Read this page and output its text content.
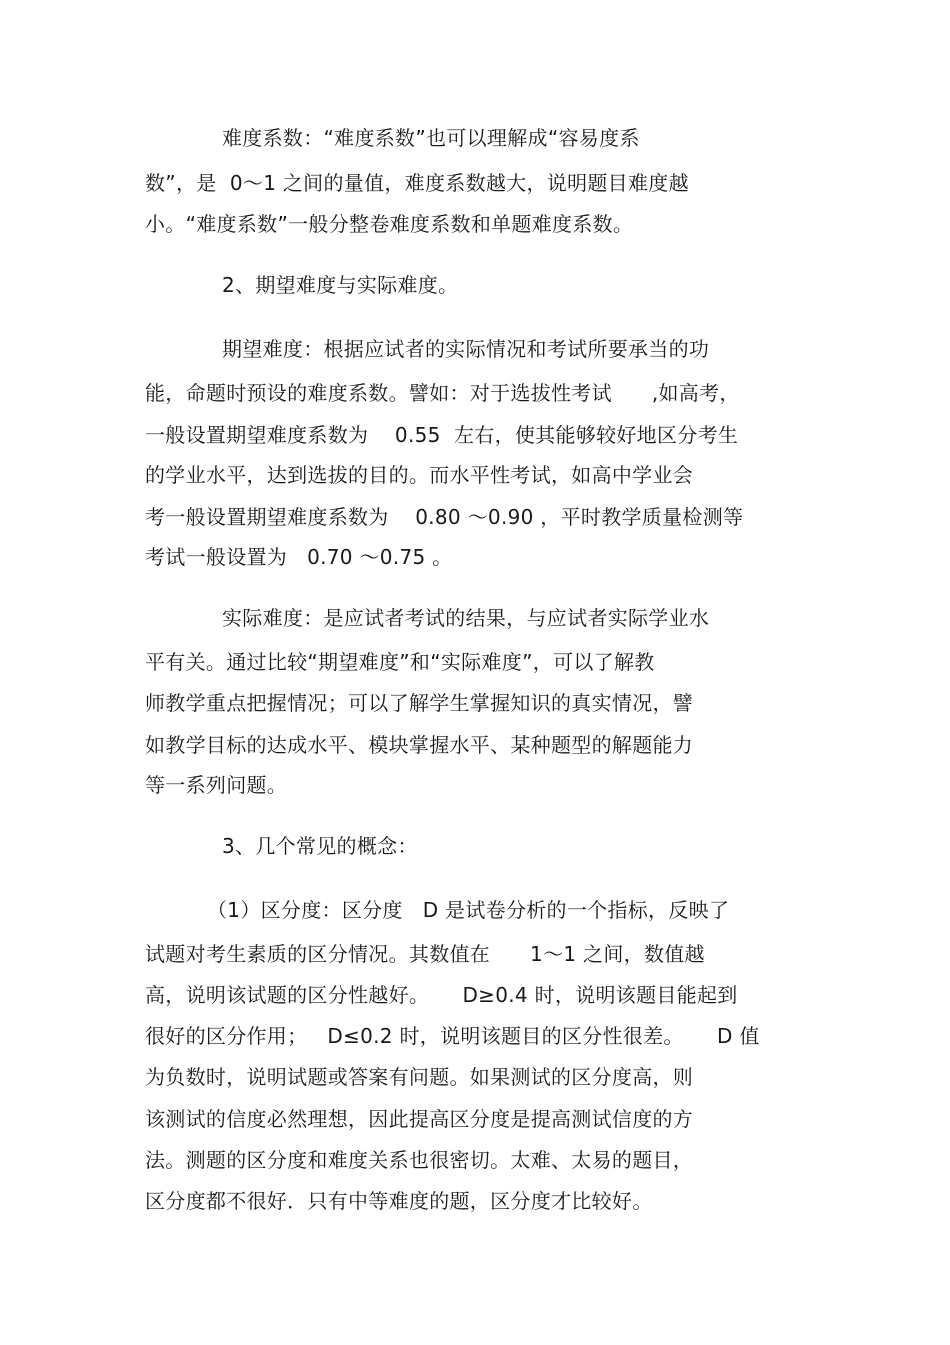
难度系数：“难度系数”也可以理解成“容易度系
数”，是  0～1 之间的量值，难度系数越大，说明题目难度越
小。“难度系数”一般分整卷难度系数和单题难度系数。
2、期望难度与实际难度。
期望难度：根据应试者的实际情况和考试所要承当的功
能，命题时预设的难度系数。譬如：对于选拔性考试      ,如高考，
一般设置期望难度系数为    0.55  左右，使其能够较好地区分考生
的学业水平，达到选拔的目的。而水平性考试，如高中学业会
考一般设置期望难度系数为    0.80 ～0.90 ，平时教学质量检测等
考试一般设置为   0.70 ～0.75 。
实际难度：是应试者考试的结果，与应试者实际学业水
平有关。通过比较“期望难度”和“实际难度”，可以了解教
师教学重点把握情况；可以了解学生掌握知识的真实情况，譬
如教学目标的达成水平、模块掌握水平、某种题型的解题能力
等一系列问题。
3、几个常见的概念：
（1）区分度：区分度   D 是试卷分析的一个指标，反映了
试题对考生素质的区分情况。其数值在      1～1 之间，数值越
高，说明该试题的区分性越好。     D≥0.4 时，说明该题目能起到
很好的区分作用；   D≤0.2 时，说明该题目的区分性很差。     D 值
为负数时，说明试题或答案有问题。如果测试的区分度高，则
该测试的信度必然理想，因此提高区分度是提高测试信度的方
法。测题的区分度和难度关系也很密切。太难、太易的题目，
区分度都不很好．只有中等难度的题，区分度才比较好。
